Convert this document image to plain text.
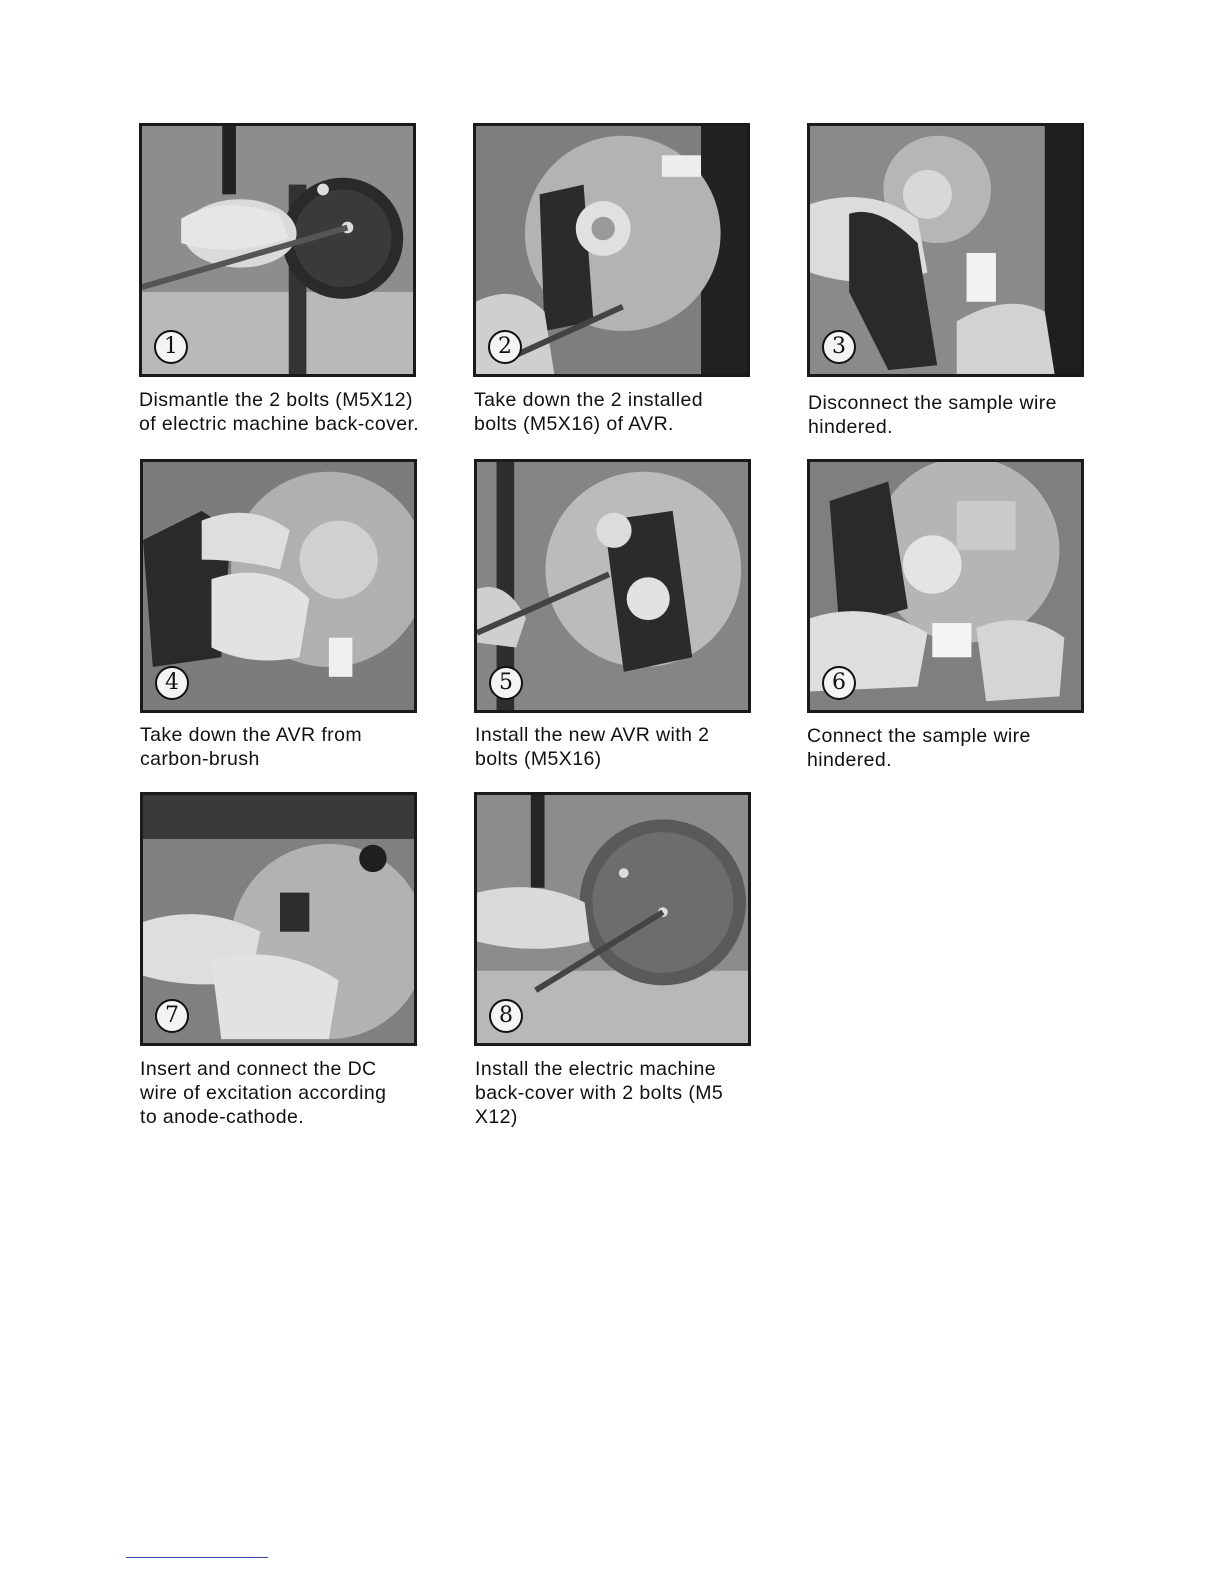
1
Dismantle the 2 bolts (M5X12)
of electric machine back-cover.
2
Take down the 2 installed
bolts (M5X16) of AVR.
3
Disconnect the sample wire
hindered.
4
Take down the AVR from
carbon-brush
5
Install the new AVR with 2
bolts (M5X16)
6
Connect the sample wire
hindered.
7
Insert and connect the DC
wire of excitation according
to anode-cathode.
8
Install the electric machine
back-cover with 2 bolts (M5
X12)
